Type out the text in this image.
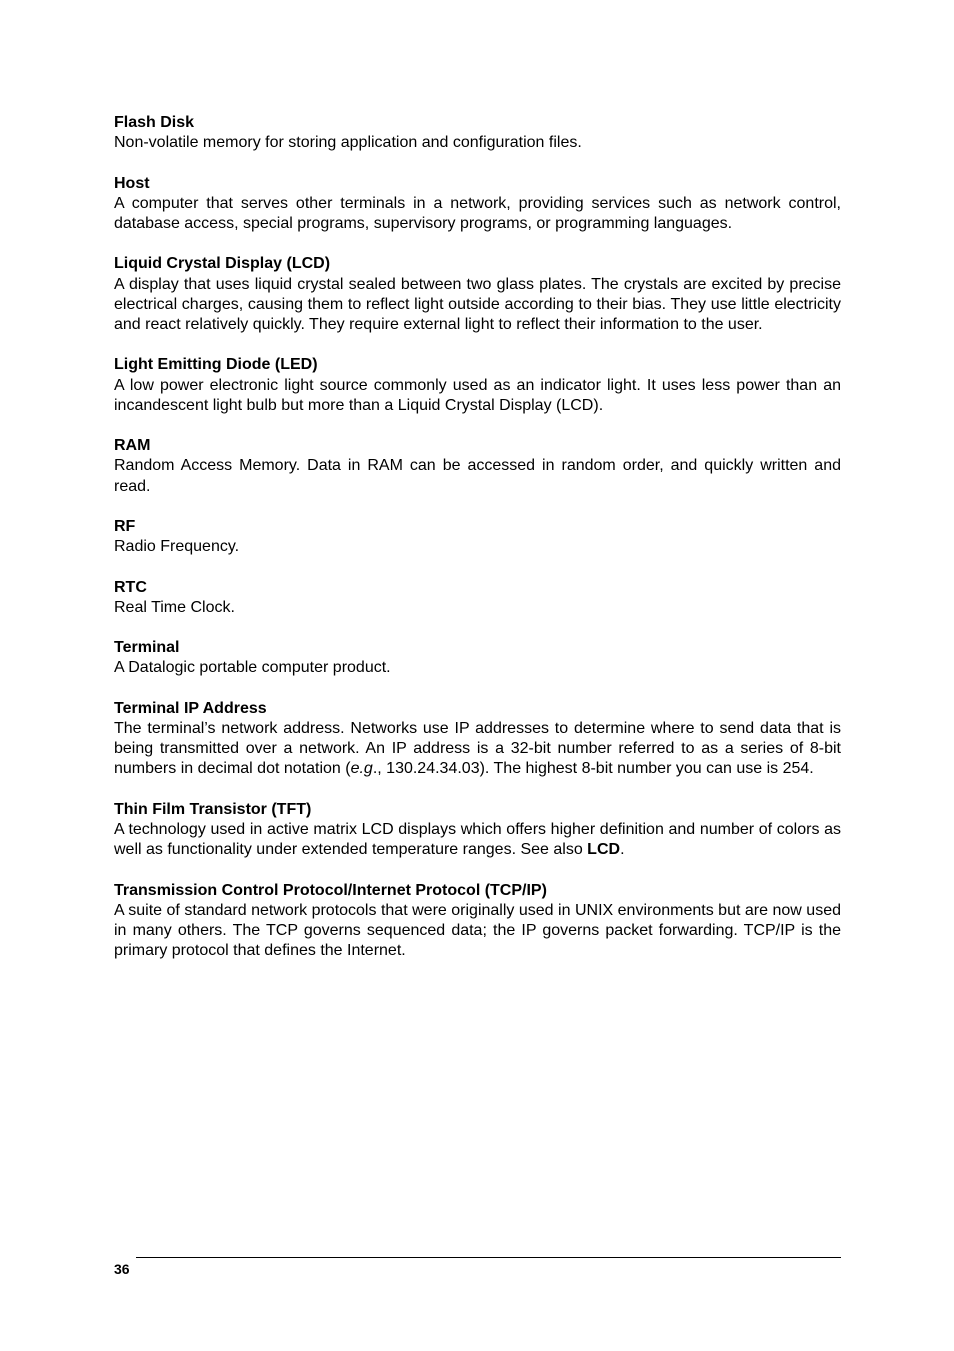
Flash Disk

Non-volatile memory for storing application and configuration files.

Host

A computer that serves other terminals in a network, providing services such as network control, database access, special programs, supervisory programs, or programming languages.

Liquid Crystal Display (LCD)

A display that uses liquid crystal sealed between two glass plates. The crystals are excited by precise electrical charges, causing them to reflect light outside according to their bias. They use little electricity and react relatively quickly. They require external light to reflect their information to the user.

Light Emitting Diode (LED)

A low power electronic light source commonly used as an indicator light. It uses less power than an incandescent light bulb but more than a Liquid Crystal Display (LCD).

RAM

Random Access Memory. Data in RAM can be accessed in random order, and quickly written and read.

RF

Radio Frequency.

RTC

Real Time Clock.

Terminal

A Datalogic portable computer product.

Terminal IP Address

The terminal’s network address. Networks use IP addresses to determine where to send data that is being transmitted over a network. An IP address is a 32-bit number referred to as a series of 8-bit numbers in decimal dot notation (e.g., 130.24.34.03). The highest 8-bit number you can use is 254.

Thin Film Transistor (TFT)

A technology used in active matrix LCD displays which offers higher definition and number of colors as well as functionality under extended temperature ranges. See also LCD.

Transmission Control Protocol/Internet Protocol (TCP/IP)

A suite of standard network protocols that were originally used in UNIX environments but are now used in many others. The TCP governs sequenced data; the IP governs packet forwarding. TCP/IP is the primary protocol that defines the Internet.

36
